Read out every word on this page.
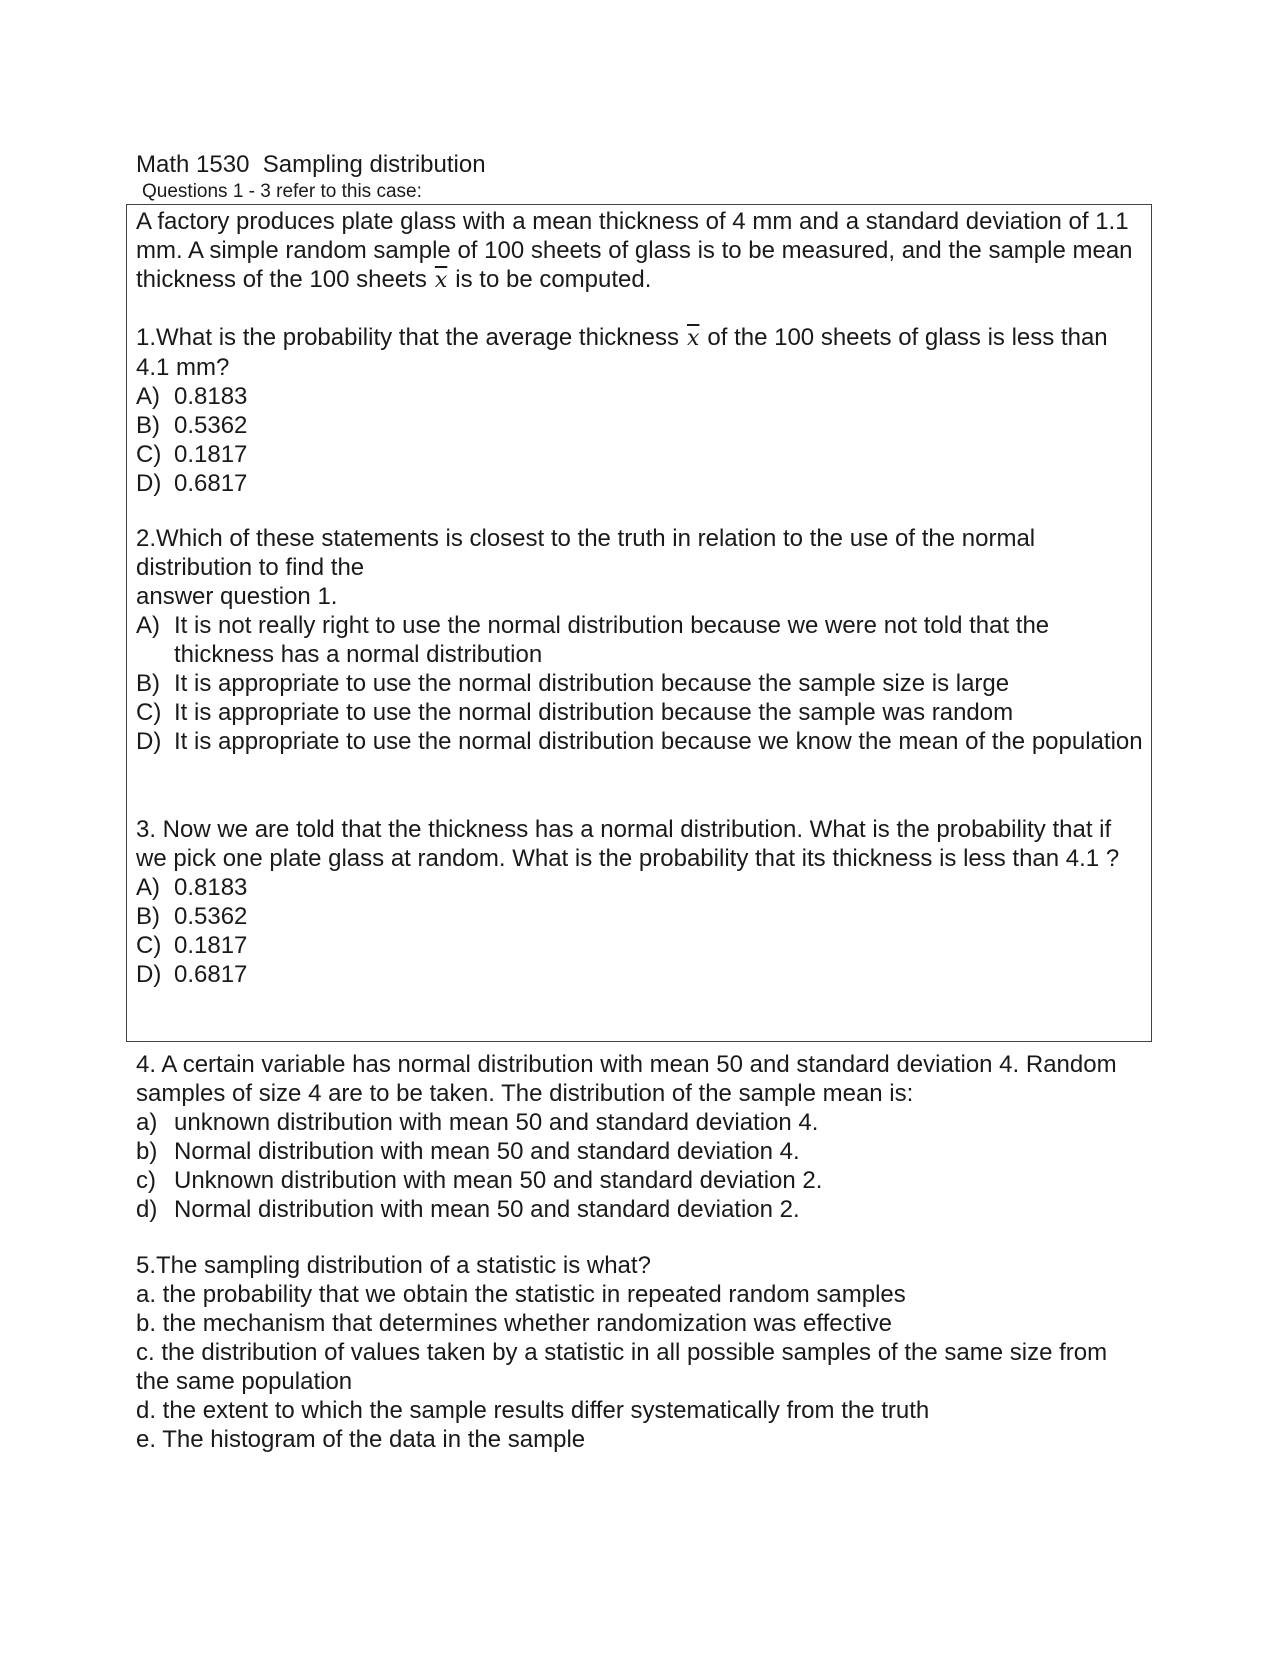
Math 1530  Sampling distribution
Questions 1 - 3 refer to this case:

A factory produces plate glass with a mean thickness of 4 mm and a standard deviation of 1.1 mm. A simple random sample of 100 sheets of glass is to be measured, and the sample mean thickness of the 100 sheets $\overline{x}$ is to be computed.

1.What is the probability that the average thickness $\overline{x}$ of the 100 sheets of glass is less than 4.1 mm?

A) 0.8183
B) 0.5362
C) 0.1817
D) 0.6817

2.Which of these statements is closest to the truth in relation to the use of the normal distribution to find the

answer question 1.

A) It is not really right to use the normal distribution because we were not told that the thickness has a normal distribution
B) It is appropriate to use the normal distribution because the sample size is large
C) It is appropriate to use the normal distribution because the sample was random
D) It is appropriate to use the normal distribution because we know the mean of the population

3. Now we are told that the thickness has a normal distribution. What is the probability that if we pick one plate glass at random. What is the probability that its thickness is less than 4.1 ?

A) 0.8183
B) 0.5362
C) 0.1817
D) 0.6817

4. A certain variable has normal distribution with mean 50 and standard deviation 4. Random samples of size 4 are to be taken. The distribution of the sample mean is:

a) unknown distribution with mean 50 and standard deviation 4.
b) Normal distribution with mean 50 and standard deviation 4.
c) Unknown distribution with mean 50 and standard deviation 2.
d) Normal distribution with mean 50 and standard deviation 2.

5.The sampling distribution of a statistic is what?

a. the probability that we obtain the statistic in repeated random samples

b. the mechanism that determines whether randomization was effective

c. the distribution of values taken by a statistic in all possible samples of the same size from the same population

d. the extent to which the sample results differ systematically from the truth

e. The histogram of the data in the sample
